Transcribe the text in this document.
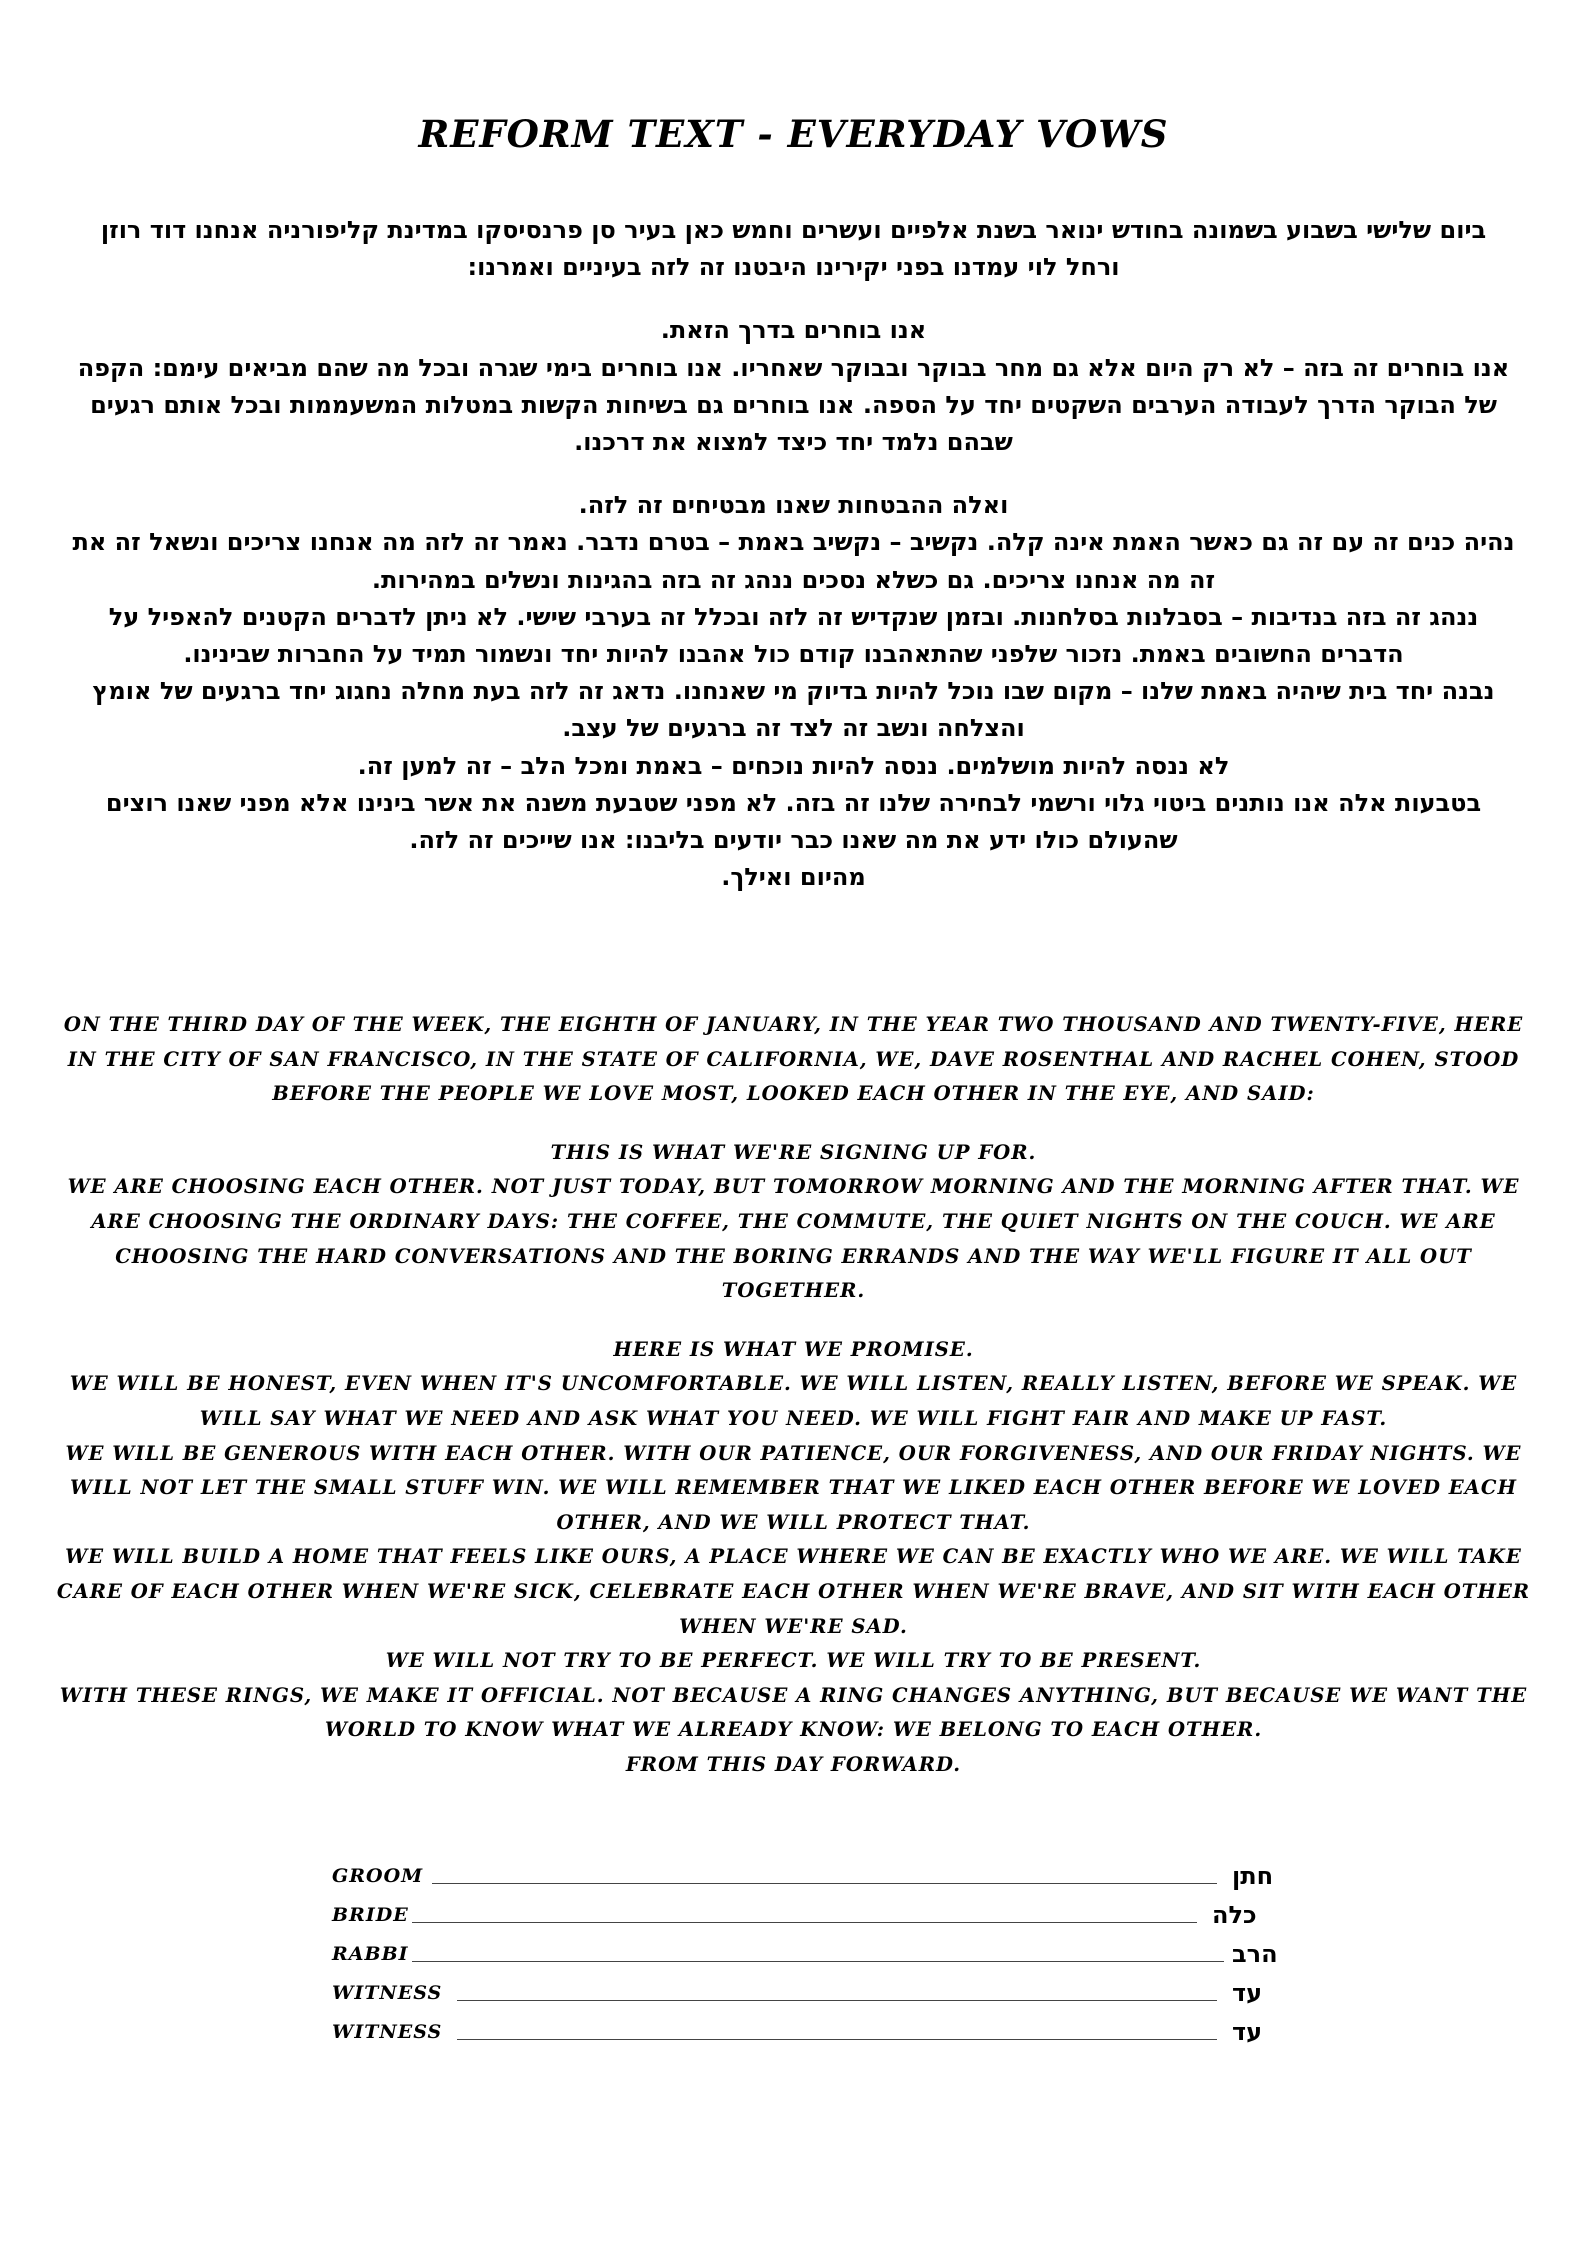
REFORM TEXT - EVERYDAY VOWS
ביום שלישי בשבוע בשמונה בחודש ינואר בשנת אלפיים ועשרים וחמש כאן בעיר סן פרנסיסקו במדינת קליפורניה אנחנו דוד רוזן
ורחל לוי עמדנו בפני יקירינו היבטנו זה לזה בעיניים ואמרנו:
אנו בוחרים בדרך הזאת.
אנו בוחרים זה בזה – לא רק היום אלא גם מחר בבוקר ובבוקר שאחריו. אנו בוחרים בימי שגרה ובכל מה שהם מביאים עימם: הקפה
של הבוקר הדרך לעבודה הערבים השקטים יחד על הספה. אנו בוחרים גם בשיחות הקשות במטלות המשעממות ובכל אותם רגעים
שבהם נלמד יחד כיצד למצוא את דרכנו.
ואלה ההבטחות שאנו מבטיחים זה לזה.
נהיה כנים זה עם זה גם כאשר האמת אינה קלה. נקשיב – נקשיב באמת – בטרם נדבר. נאמר זה לזה מה אנחנו צריכים ונשאל זה את
זה מה אנחנו צריכים. גם כשלא נסכים ננהג זה בזה בהגינות ונשלים במהירות.
ננהג זה בזה בנדיבות – בסבלנות בסלחנות. ובזמן שנקדיש זה לזה ובכלל זה בערבי שישי. לא ניתן לדברים הקטנים להאפיל על
הדברים החשובים באמת. נזכור שלפני שהתאהבנו קודם כול אהבנו להיות יחד ונשמור תמיד על החברות שבינינו.
נבנה יחד בית שיהיה באמת שלנו – מקום שבו נוכל להיות בדיוק מי שאנחנו. נדאג זה לזה בעת מחלה נחגוג יחד ברגעים של אומץ
והצלחה ונשב זה לצד זה ברגעים של עצב.
לא ננסה להיות מושלמים. ננסה להיות נוכחים – באמת ומכל הלב – זה למען זה.
בטבעות אלה אנו נותנים ביטוי גלוי ורשמי לבחירה שלנו זה בזה. לא מפני שטבעת משנה את אשר בינינו אלא מפני שאנו רוצים
שהעולם כולו ידע את מה שאנו כבר יודעים בליבנו: אנו שייכים זה לזה.
מהיום ואילך.
ON THE THIRD DAY OF THE WEEK, THE EIGHTH OF JANUARY, IN THE YEAR TWO THOUSAND AND TWENTY-FIVE, HERE
IN THE CITY OF SAN FRANCISCO, IN THE STATE OF CALIFORNIA, WE, DAVE ROSENTHAL AND RACHEL COHEN, STOOD
BEFORE THE PEOPLE WE LOVE MOST, LOOKED EACH OTHER IN THE EYE, AND SAID:
THIS IS WHAT WE'RE SIGNING UP FOR.
WE ARE CHOOSING EACH OTHER. NOT JUST TODAY, BUT TOMORROW MORNING AND THE MORNING AFTER THAT. WE
ARE CHOOSING THE ORDINARY DAYS: THE COFFEE, THE COMMUTE, THE QUIET NIGHTS ON THE COUCH. WE ARE
CHOOSING THE HARD CONVERSATIONS AND THE BORING ERRANDS AND THE WAY WE'LL FIGURE IT ALL OUT TOGETHER.
HERE IS WHAT WE PROMISE.
WE WILL BE HONEST, EVEN WHEN IT'S UNCOMFORTABLE. WE WILL LISTEN, REALLY LISTEN, BEFORE WE SPEAK. WE
WILL SAY WHAT WE NEED AND ASK WHAT YOU NEED. WE WILL FIGHT FAIR AND MAKE UP FAST.
WE WILL BE GENEROUS WITH EACH OTHER. WITH OUR PATIENCE, OUR FORGIVENESS, AND OUR FRIDAY NIGHTS. WE
WILL NOT LET THE SMALL STUFF WIN. WE WILL REMEMBER THAT WE LIKED EACH OTHER BEFORE WE LOVED EACH
OTHER, AND WE WILL PROTECT THAT.
WE WILL BUILD A HOME THAT FEELS LIKE OURS, A PLACE WHERE WE CAN BE EXACTLY WHO WE ARE. WE WILL TAKE
CARE OF EACH OTHER WHEN WE'RE SICK, CELEBRATE EACH OTHER WHEN WE'RE BRAVE, AND SIT WITH EACH OTHER
WHEN WE'RE SAD.
WE WILL NOT TRY TO BE PERFECT. WE WILL TRY TO BE PRESENT.
WITH THESE RINGS, WE MAKE IT OFFICIAL. NOT BECAUSE A RING CHANGES ANYTHING, BUT BECAUSE WE WANT THE
WORLD TO KNOW WHAT WE ALREADY KNOW: WE BELONG TO EACH OTHER.
FROM THIS DAY FORWARD.
GROOM	חתן
BRIDE	כלה
RABBI	הרב
WITNESS	עד
WITNESS	עד
